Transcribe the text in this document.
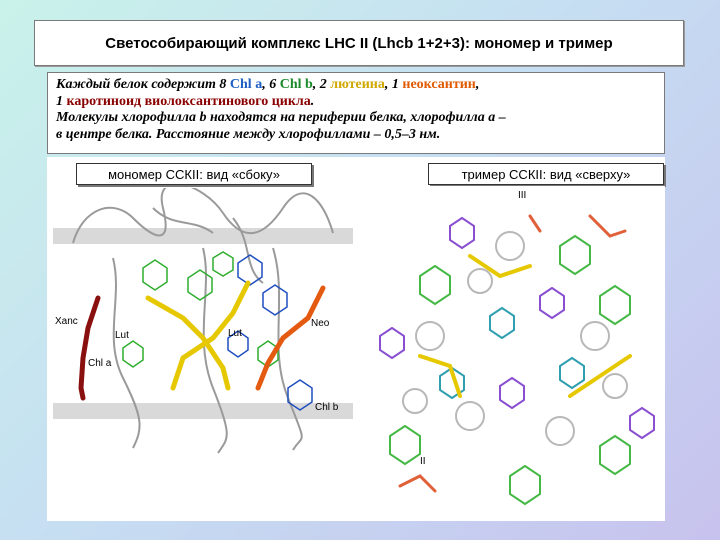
Светособирающий комплекс LHC II (Lhcb 1+2+3): мономер и тример
Каждый белок содержит 8 Chl a, 6 Chl b, 2 лютеина, 1 неоксантин,
1 каротиноид виолоксантинового цикла.
Молекулы хлорофилла b находятся на периферии белка, хлорофилла a –
в центре белка. Расстояние между хлорофиллами – 0,5–3 нм.
мономер ССКII: вид «сбоку»	тример ССКII: вид «сверху»
Xanc
Lut	Lut
Neo
Chl a
Chl b
III
II
